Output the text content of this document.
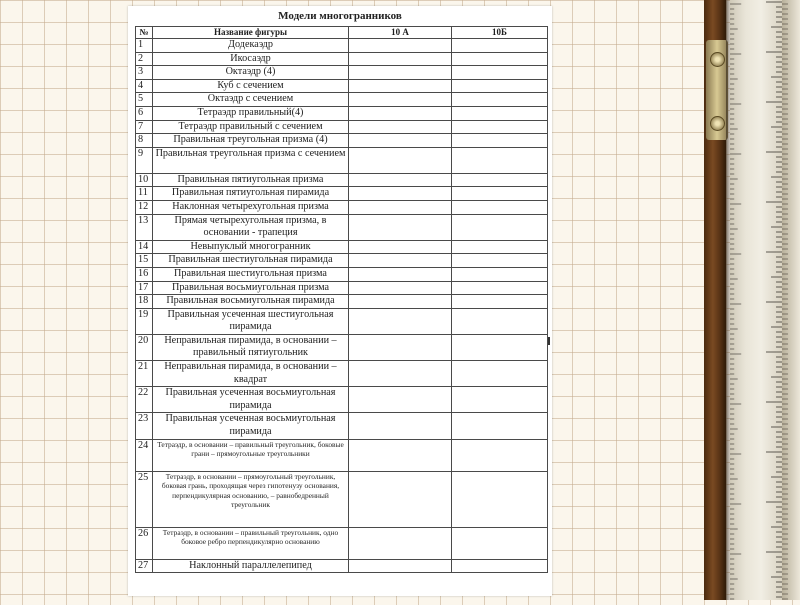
Модели многогранников
№	Название фигуры	10 А	10Б
1	Додекаэдр		
2	Икосаэдр		
3	Октаэдр (4)		
4	Куб с сечением		
5	Октаэдр с сечением		
6	Тетраэдр правильный(4)		
7	Тетраэдр правильный с сечением		
8	Правильная треугольная призма (4)		
9	Правильная треугольная призма с сечением		
10	Правильная пятиугольная призма		
11	Правильная пятиугольная пирамида		
12	Наклонная четырехугольная призма		
13	Прямая четырехугольная призма, в основании - трапеция		
14	Невыпуклый многогранник		
15	Правильная шестиугольная пирамида		
16	Правильная шестиугольная призма		
17	Правильная восьмиугольная призма		
18	Правильная восьмиугольная пирамида		
19	Правильная усеченная шестиугольная пирамида		
20	Неправильная пирамида, в основании – правильный пятиугольник		
21	Неправильная пирамида, в основании – квадрат		
22	Правильная усеченная восьмиугольная пирамида		
23	Правильная усеченная восьмиугольная пирамида		
24	Тетраэдр, в основании – правильный треугольник, боковые грани – прямоугольные треугольники		
25	Тетраэдр, в основании – прямоугольный треугольник, боковая грань, проходящая через гипотенузу основания, перпендикулярная основанию, – равнобедренный треугольник		
26	Тетраэдр, в основании – правильный треугольник, одно боковое ребро перпендикулярно основанию		
27	Наклонный параллелепипед		
